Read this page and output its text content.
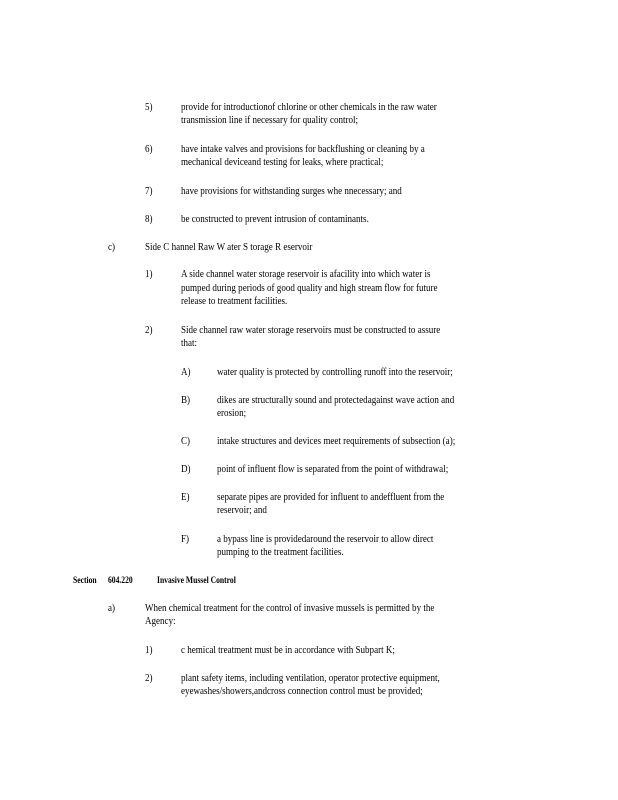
5)	provide for introductionof chlorine or other chemicals in the raw water
transmission line if necessary for quality control;
6)	have intake valves and provisions for backflushing or cleaning by a
mechanical deviceand testing for leaks, where practical;
7)	have provisions for withstanding surges whe nnecessary; and
8)	be constructed to prevent intrusion of contaminants.
c)	Side C hannel Raw W ater S torage R eservoir
1)	A side channel water storage reservoir is afacility into which water is
pumped during periods of good quality and high stream flow for future
release to treatment facilities.
2)	Side channel raw water storage reservoirs must be constructed to assure
that:
A)	water quality is protected by controlling runoff into the reservoir;
B)	dikes are structurally sound and protectedagainst wave action and
erosion;
C)	intake structures and devices meet requirements of subsection (a);
D)	point of influent flow is separated from the point of withdrawal;
E)	separate pipes are provided for influent to andeffluent from the
reservoir; and
F)	a bypass line is providedaround the reservoir to allow direct
pumping to the treatment facilities.
Section 604.220	Invasive Mussel Control
a)	When chemical treatment for the control of invasive mussels is permitted by the
Agency:
1)	c hemical treatment must be in accordance with Subpart K;
2)	plant safety items, including ventilation, operator protective equipment,
eyewashes/showers,andcross connection control must be provided;
